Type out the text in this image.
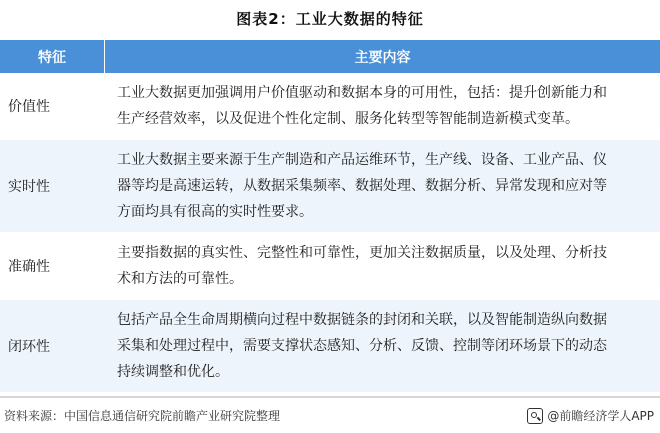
图表2：工业大数据的特征
特征	主要内容
价值性
工业大数据更加强调用户价值驱动和数据本身的可用性，包括：提升创新能力和
生产经营效率，以及促进个性化定制、服务化转型等智能制造新模式变革。
实时性
工业大数据主要来源于生产制造和产品运维环节，生产线、设备、工业产品、仪
器等均是高速运转，从数据采集频率、数据处理、数据分析、异常发现和应对等
方面均具有很高的实时性要求。
准确性
主要指数据的真实性、完整性和可靠性，更加关注数据质量，以及处理、分析技
术和方法的可靠性。
闭环性
包括产品全生命周期横向过程中数据链条的封闭和关联，以及智能制造纵向数据
采集和处理过程中，需要支撑状态感知、分析、反馈、控制等闭环场景下的动态
持续调整和优化。
资料来源：中国信息通信研究院前瞻产业研究院整理	@前瞻经济学人APP
